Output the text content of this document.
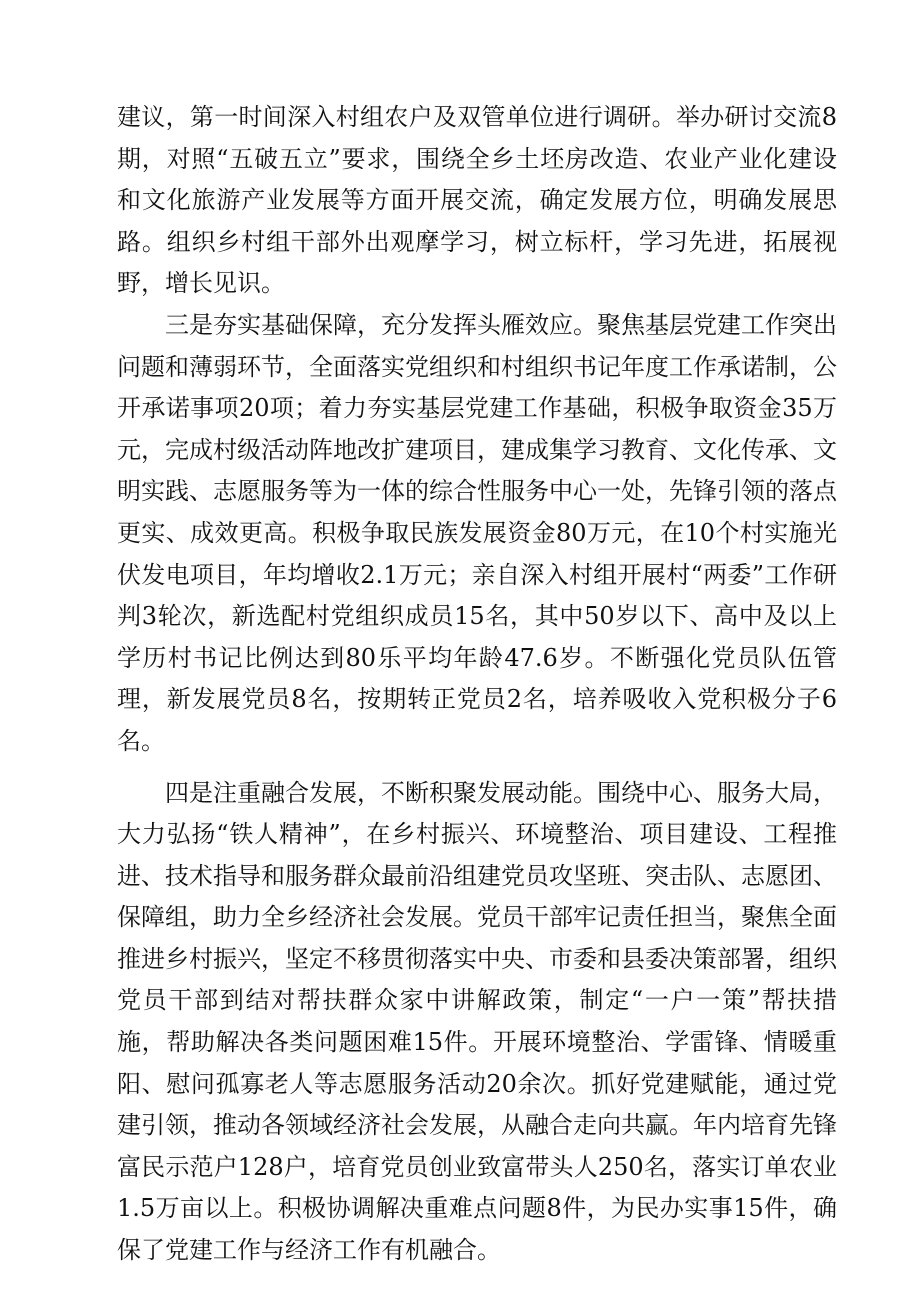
建议，第一时间深入村组农户及双管单位进行调研。举办研讨交流8期，对照“五破五立”要求，围绕全乡土坯房改造、农业产业化建设和文化旅游产业发展等方面开展交流，确定发展方位，明确发展思路。组织乡村组干部外出观摩学习，树立标杆，学习先进，拓展视野，增长见识。

三是夯实基础保障，充分发挥头雁效应。聚焦基层党建工作突出问题和薄弱环节，全面落实党组织和村组织书记年度工作承诺制，公开承诺事项20项；着力夯实基层党建工作基础，积极争取资金35万元，完成村级活动阵地改扩建项目，建成集学习教育、文化传承、文明实践、志愿服务等为一体的综合性服务中心一处，先锋引领的落点更实、成效更高。积极争取民族发展资金80万元，在10个村实施光伏发电项目，年均增收2.1万元；亲自深入村组开展村“两委”工作研判3轮次，新选配村党组织成员15名，其中50岁以下、高中及以上学历村书记比例达到80乐平均年龄47.6岁。不断强化党员队伍管理，新发展党员8名，按期转正党员2名，培养吸收入党积极分子6名。

四是注重融合发展，不断积聚发展动能。围绕中心、服务大局，大力弘扬“铁人精神”，在乡村振兴、环境整治、项目建设、工程推进、技术指导和服务群众最前沿组建党员攻坚班、突击队、志愿团、保障组，助力全乡经济社会发展。党员干部牢记责任担当，聚焦全面推进乡村振兴，坚定不移贯彻落实中央、市委和县委决策部署，组织党员干部到结对帮扶群众家中讲解政策，制定“一户一策”帮扶措施，帮助解决各类问题困难15件。开展环境整治、学雷锋、情暖重阳、慰问孤寡老人等志愿服务活动20余次。抓好党建赋能，通过党建引领，推动各领域经济社会发展，从融合走向共赢。年内培育先锋富民示范户128户，培育党员创业致富带头人250名，落实订单农业1.5万亩以上。积极协调解决重难点问题8件，为民办实事15件，确保了党建工作与经济工作有机融合。
